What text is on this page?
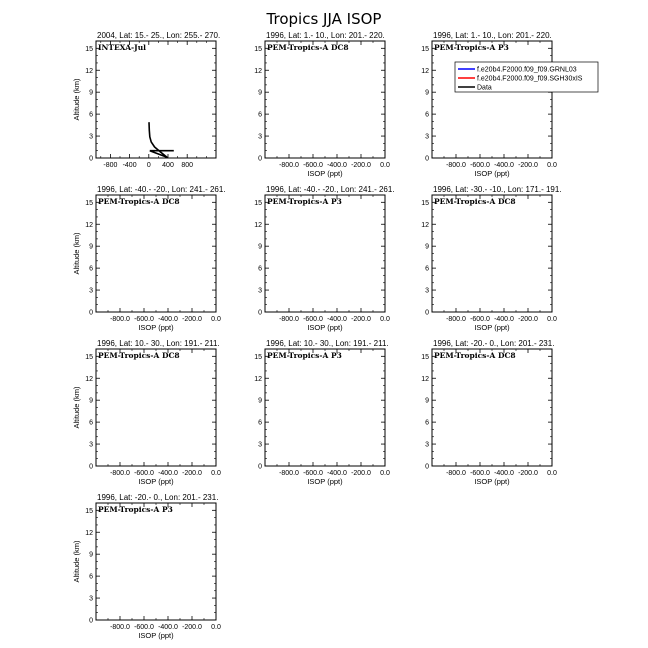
Tropics JJA ISOP
2004, Lat: 15.- 25., Lon: 255.- 270.
INTEXA-Jul
0
3
6
9
12
15
-800 -400 0 400 800
Altitude (km)
1996, Lat: 1.- 10., Lon: 201.- 220.
PEM-Tropics-A DC8
0
3
6
9
12
15
-800.0 -600.0 -400.0 -200.0 0.0
ISOP (ppt)
1996, Lat: 1.- 10., Lon: 201.- 220.
PEM-Tropics-A P3
0
3
6
9
12
15
-800.0 -600.0 -400.0 -200.0 0.0
ISOP (ppt)
1996, Lat: -40.- -20., Lon: 241.- 261.
PEM-Tropics-A DC8
0
3
6
9
12
15
-800.0 -600.0 -400.0 -200.0 0.0
ISOP (ppt)
Altitude (km)
1996, Lat: -40.- -20., Lon: 241.- 261.
PEM-Tropics-A P3
0
3
6
9
12
15
-800.0 -600.0 -400.0 -200.0 0.0
ISOP (ppt)
1996, Lat: -30.- -10., Lon: 171.- 191.
PEM-Tropics-A DC8
0
3
6
9
12
15
-800.0 -600.0 -400.0 -200.0 0.0
ISOP (ppt)
1996, Lat: 10.- 30., Lon: 191.- 211.
PEM-Tropics-A DC8
0
3
6
9
12
15
-800.0 -600.0 -400.0 -200.0 0.0
ISOP (ppt)
Altitude (km)
1996, Lat: 10.- 30., Lon: 191.- 211.
PEM-Tropics-A P3
0
3
6
9
12
15
-800.0 -600.0 -400.0 -200.0 0.0
ISOP (ppt)
1996, Lat: -20.- 0., Lon: 201.- 231.
PEM-Tropics-A DC8
0
3
6
9
12
15
-800.0 -600.0 -400.0 -200.0 0.0
ISOP (ppt)
1996, Lat: -20.- 0., Lon: 201.- 231.
PEM-Tropics-A P3
0
3
6
9
12
15
-800.0 -600.0 -400.0 -200.0 0.0
ISOP (ppt)
Altitude (km)
f.e20b4.F2000.f09_f09.GRNL03
f.e20b4.F2000.f09_f09.SGH30xIS
Data
